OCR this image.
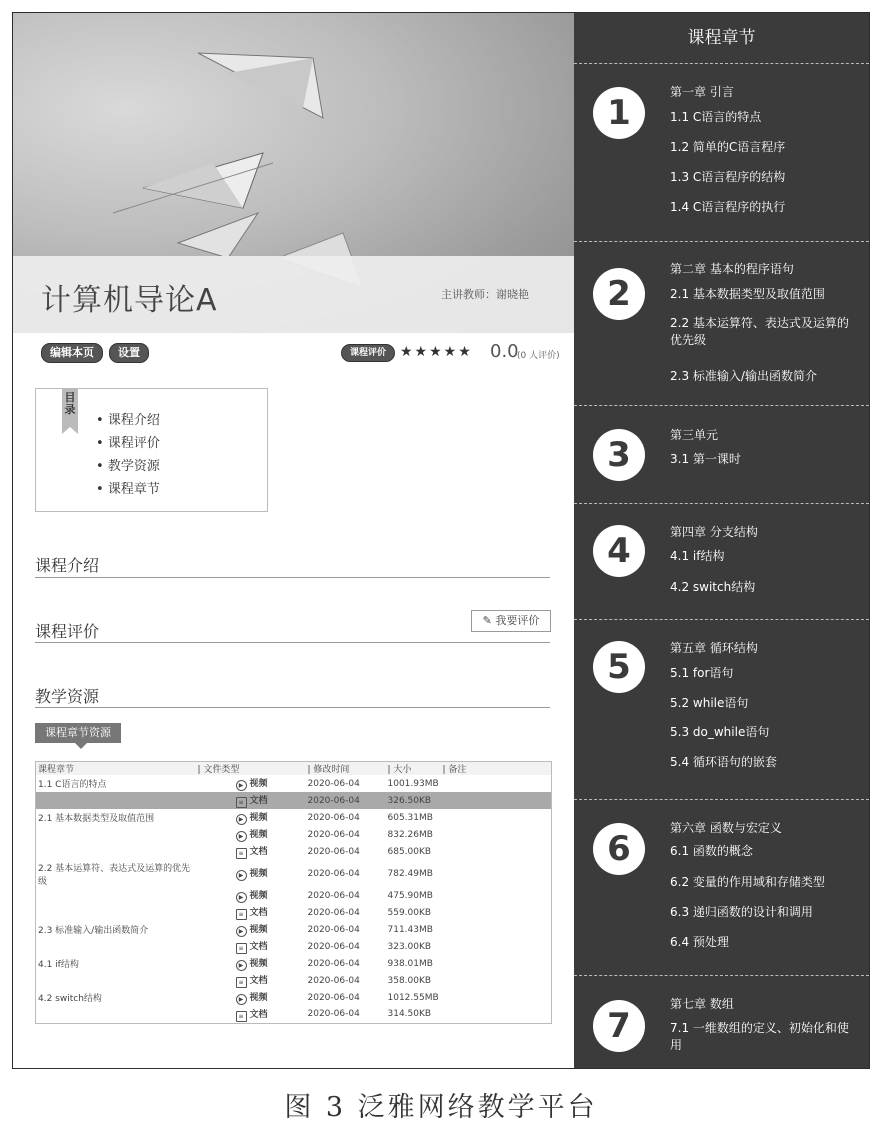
计算机导论A	主讲教师：谢晓艳
编辑本页	设置	课程评价 ★★★★★ 0.0
(0 人评价)
目录
• 课程介绍
• 课程评价
• 教学资源
• 课程章节
课程介绍
课程评价
✎ 我要评价
教学资源
课程章节资源
课程章节	| 文件类型	| 修改时间	| 大小	| 备注
1.1 C语言的特点	▶ 视频	2020-06-04	1001.93MB	
	≡ 文档	2020-06-04	326.50KB	
2.1 基本数据类型及取值范围	▶ 视频	2020-06-04	605.31MB	
	▶ 视频	2020-06-04	832.26MB	
	≡ 文档	2020-06-04	685.00KB	
2.2 基本运算符、表达式及运算的优先级	▶ 视频	2020-06-04	782.49MB	
	▶ 视频	2020-06-04	475.90MB	
	≡ 文档	2020-06-04	559.00KB	
2.3 标准输入/输出函数简介	▶ 视频	2020-06-04	711.43MB	
	≡ 文档	2020-06-04	323.00KB	
4.1 if结构	▶ 视频	2020-06-04	938.01MB	
	≡ 文档	2020-06-04	358.00KB	
4.2 switch结构	▶ 视频	2020-06-04	1012.55MB	
	≡ 文档	2020-06-04	314.50KB	
课程章节
1
第一章 引言
1.1 C语言的特点
1.2 简单的C语言程序
1.3 C语言程序的结构
1.4 C语言程序的执行
2
第二章 基本的程序语句
2.1 基本数据类型及取值范围
2.2 基本运算符、表达式及运算的优先级
2.3 标准输入/输出函数简介
3	第三单元
3.1 第一课时
4	第四章 分支结构
4.1 if结构
4.2 switch结构
5	第五章 循环结构
5.1 for语句
5.2 while语句
5.3 do_while语句
5.4 循环语句的嵌套
6
第六章 函数与宏定义
6.1 函数的概念
6.2 变量的作用域和存储类型
6.3 递归函数的设计和调用
6.4 预处理
7
第七章 数组
7.1 一维数组的定义、初始化和使用
图 3 泛雅网络教学平台
